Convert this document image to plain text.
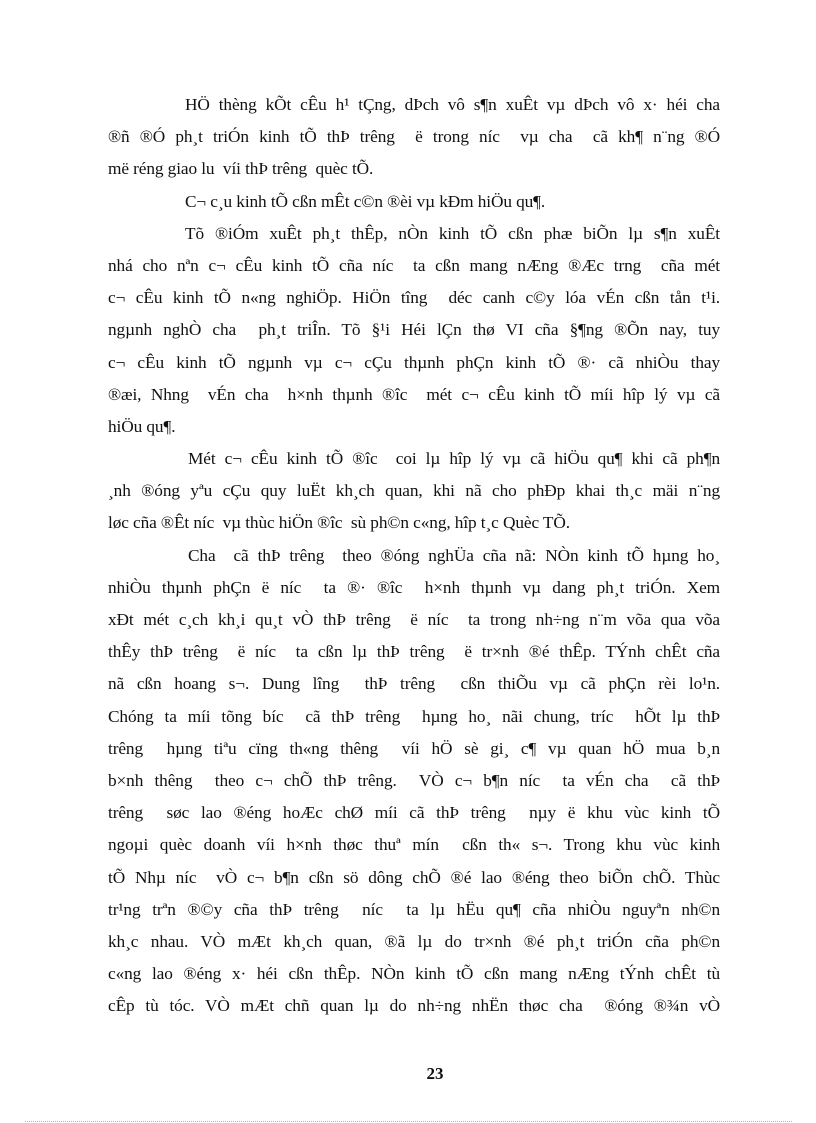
HÖ thèng kÕt cÊu h¹ tÇng, dÞch vô s¶n xuÊt vµ dÞch vô x· héi cha
®ñ ®Ó ph¸t triÓn kinh tÕ thÞ trêng  ë trong níc  vµ cha  cã kh¶ n¨ng ®Ó
më réng giao lu  víi thÞ trêng  quèc tÕ.
C¬ c¸u kinh tÕ cßn mÊt c©n ®èi vµ kÐm hiÖu qu¶.
Tõ ®iÓm xuÊt ph¸t thÊp, nÒn kinh tÕ cßn phæ biÕn lµ s¶n xuÊt
nhá cho nªn c¬ cÊu kinh tÕ cña níc  ta cßn mang nÆng ®Æc trng  cña mét
c¬ cÊu kinh tÕ n«ng nghiÖp. HiÖn tîng  déc canh c©y lóa vÉn cßn tån t¹i.
ngµnh nghÒ cha  ph¸t triÎn. Tõ §¹i Héi lÇn thø VI cña §¶ng ®Õn nay, tuy
c¬ cÊu kinh tÕ ngµnh vµ c¬ cÇu thµnh phÇn kinh tÕ ®· cã nhiÒu thay
®æi, Nhng  vÉn cha  h×nh thµnh ®îc  mét c¬ cÊu kinh tÕ míi hîp lý vµ cã
hiÖu qu¶.
Mét c¬ cÊu kinh tÕ ®îc  coi lµ hîp lý vµ cã hiÖu qu¶ khi cã ph¶n
¸nh ®óng yªu cÇu quy luËt kh¸ch quan, khi nã cho phÐp khai th¸c mäi n¨ng
løc cña ®Êt níc  vµ thùc hiÖn ®îc  sù ph©n c«ng, hîp t¸c Quèc TÕ.
Cha  cã thÞ trêng  theo ®óng nghÜa cña nã: NÒn kinh tÕ hµng ho¸
nhiÒu thµnh phÇn ë níc  ta ®· ®îc  h×nh thµnh vµ dang ph¸t triÓn. Xem
xÐt mét c¸ch kh¸i qu¸t vÒ thÞ trêng  ë níc  ta trong nh÷ng n¨m võa qua võa
thÊy thÞ trêng  ë níc  ta cßn lµ thÞ trêng  ë tr×nh ®é thÊp. TÝnh chÊt cña
nã cßn hoang s¬. Dung lîng  thÞ trêng  cßn thiÕu vµ cã phÇn rèi lo¹n.
Chóng ta míi tõng bíc  cã thÞ trêng  hµng ho¸ nãi chung, tríc  hÕt lµ thÞ
trêng  hµng tiªu cïng th«ng thêng  víi hÖ sè gi¸ c¶ vµ quan hÖ mua b¸n
b×nh thêng  theo c¬ chÕ thÞ trêng.  VÒ c¬ b¶n níc  ta vÉn cha  cã thÞ
trêng  søc lao ®éng hoÆc chØ míi cã thÞ trêng  nµy ë khu vùc kinh tÕ
ngoµi quèc doanh víi h×nh thøc thuª mín  cßn th« s¬. Trong khu vùc kinh
tÕ Nhµ níc  vÒ c¬ b¶n cßn sö dông chÕ ®é lao ®éng theo biÕn chÕ. Thùc
tr¹ng trªn ®©y cña thÞ trêng  níc  ta lµ hËu qu¶ cña nhiÒu nguyªn nh©n
kh¸c nhau. VÒ mÆt kh¸ch quan, ®ã lµ do tr×nh ®é ph¸t triÓn cña ph©n
c«ng lao ®éng x· héi cßn thÊp. NÒn kinh tÕ cßn mang nÆng tÝnh chÊt tù
cÊp tù tóc. VÒ mÆt chñ quan lµ do nh÷ng nhËn thøc cha  ®óng ®¾n vÒ
23
